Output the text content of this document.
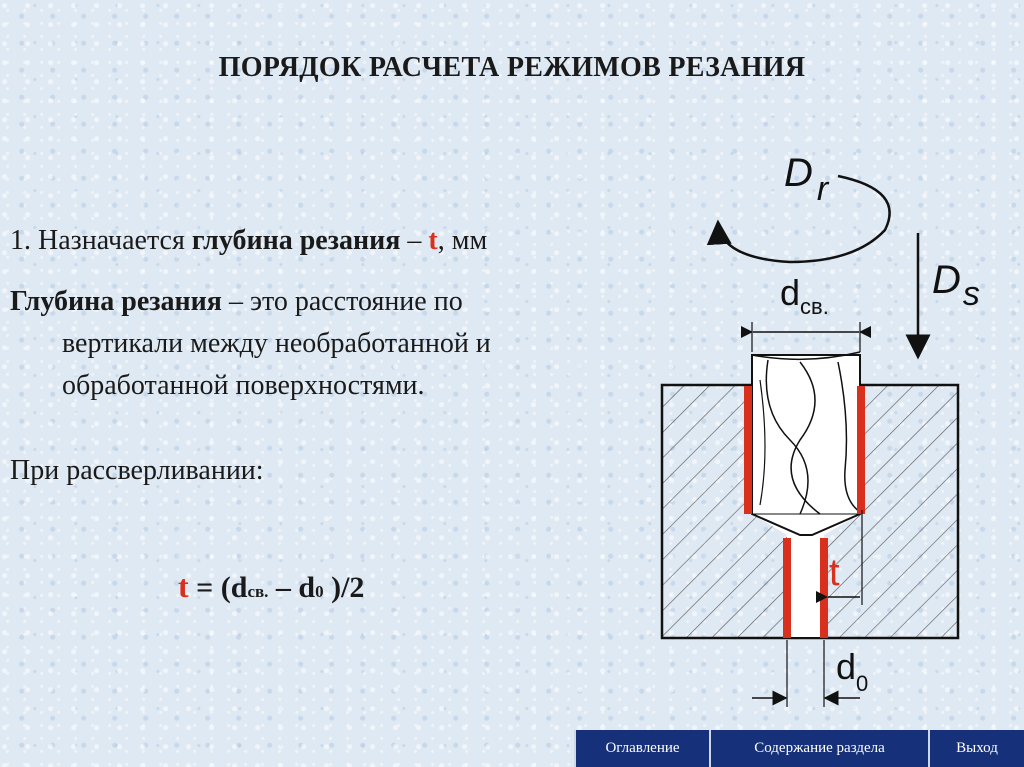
ПОРЯДОК РАСЧЕТА РЕЖИМОВ РЕЗАНИЯ
1. Назначается глубина резания – t, мм
Глубина резания – это расстояние по
вертикали между необработанной и
обработанной поверхностями.
При рассверливании:
t = (dсв. – d0 )/2
D $_r$
$D_s$
$d_{св.}$
t
$d_0$
Оглавление	Содержание раздела	Выход
